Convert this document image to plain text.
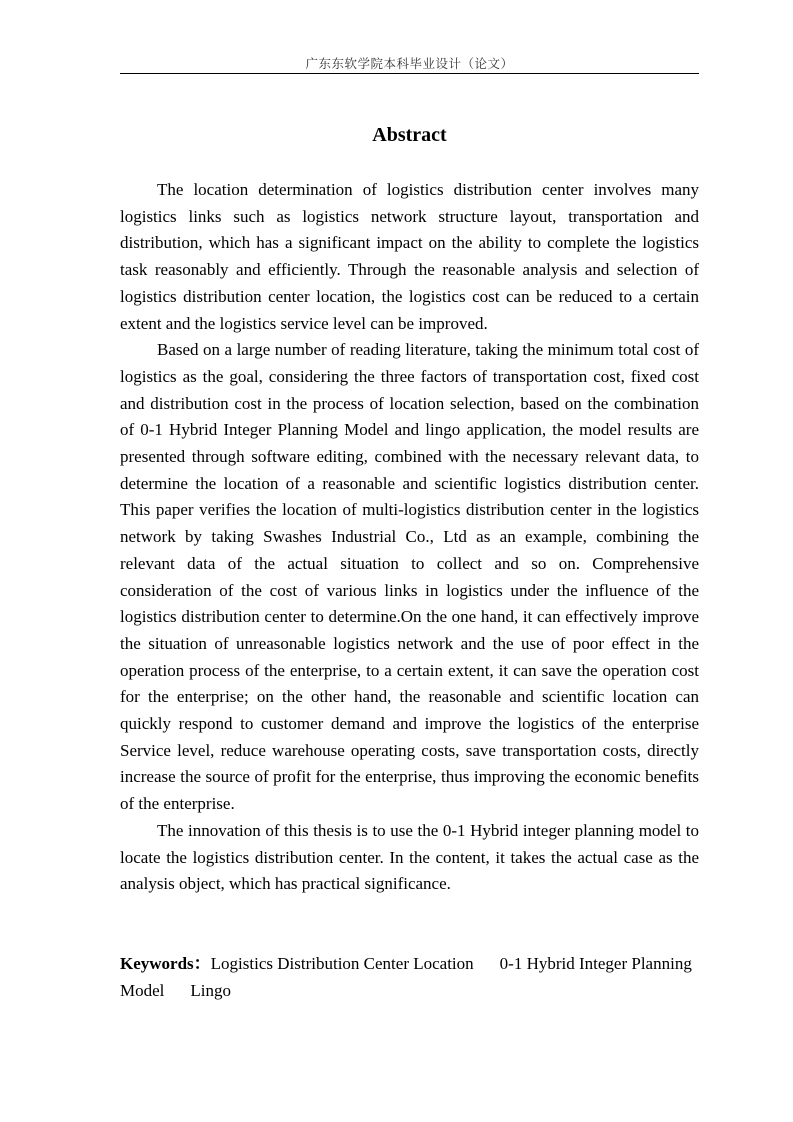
广东东软学院本科毕业设计（论文）
Abstract

The location determination of logistics distribution center involves many logistics links such as logistics network structure layout, transportation and distribution, which has a significant impact on the ability to complete the logistics task reasonably and efficiently. Through the reasonable analysis and selection of logistics distribution center location, the logistics cost can be reduced to a certain extent and the logistics service level can be improved.

Based on a large number of reading literature, taking the minimum total cost of logistics as the goal, considering the three factors of transportation cost, fixed cost and distribution cost in the process of location selection, based on the combination of 0-1 Hybrid Integer Planning Model and lingo application, the model results are presented through software editing, combined with the necessary relevant data, to determine the location of a reasonable and scientific logistics distribution center. This paper verifies the location of multi-logistics distribution center in the logistics network by taking Swashes Industrial Co., Ltd as an example, combining the relevant data of the actual situation to collect and so on. Comprehensive consideration of the cost of various links in logistics under the influence of the logistics distribution center to determine.On the one hand, it can effectively improve the situation of unreasonable logistics network and the use of poor effect in the operation process of the enterprise, to a certain extent, it can save the operation cost for the enterprise; on the other hand, the reasonable and scientific location can quickly respond to customer demand and improve the logistics of the enterprise Service level, reduce warehouse operating costs, save transportation costs, directly increase the source of profit for the enterprise, thus improving the economic benefits of the enterprise.

The innovation of this thesis is to use the 0-1 Hybrid integer planning model to locate the logistics distribution center. In the content, it takes the actual case as the analysis object, which has practical significance.

Keywords：Logistics Distribution Center Location 0-1 Hybrid Integer Planning Model Lingo
